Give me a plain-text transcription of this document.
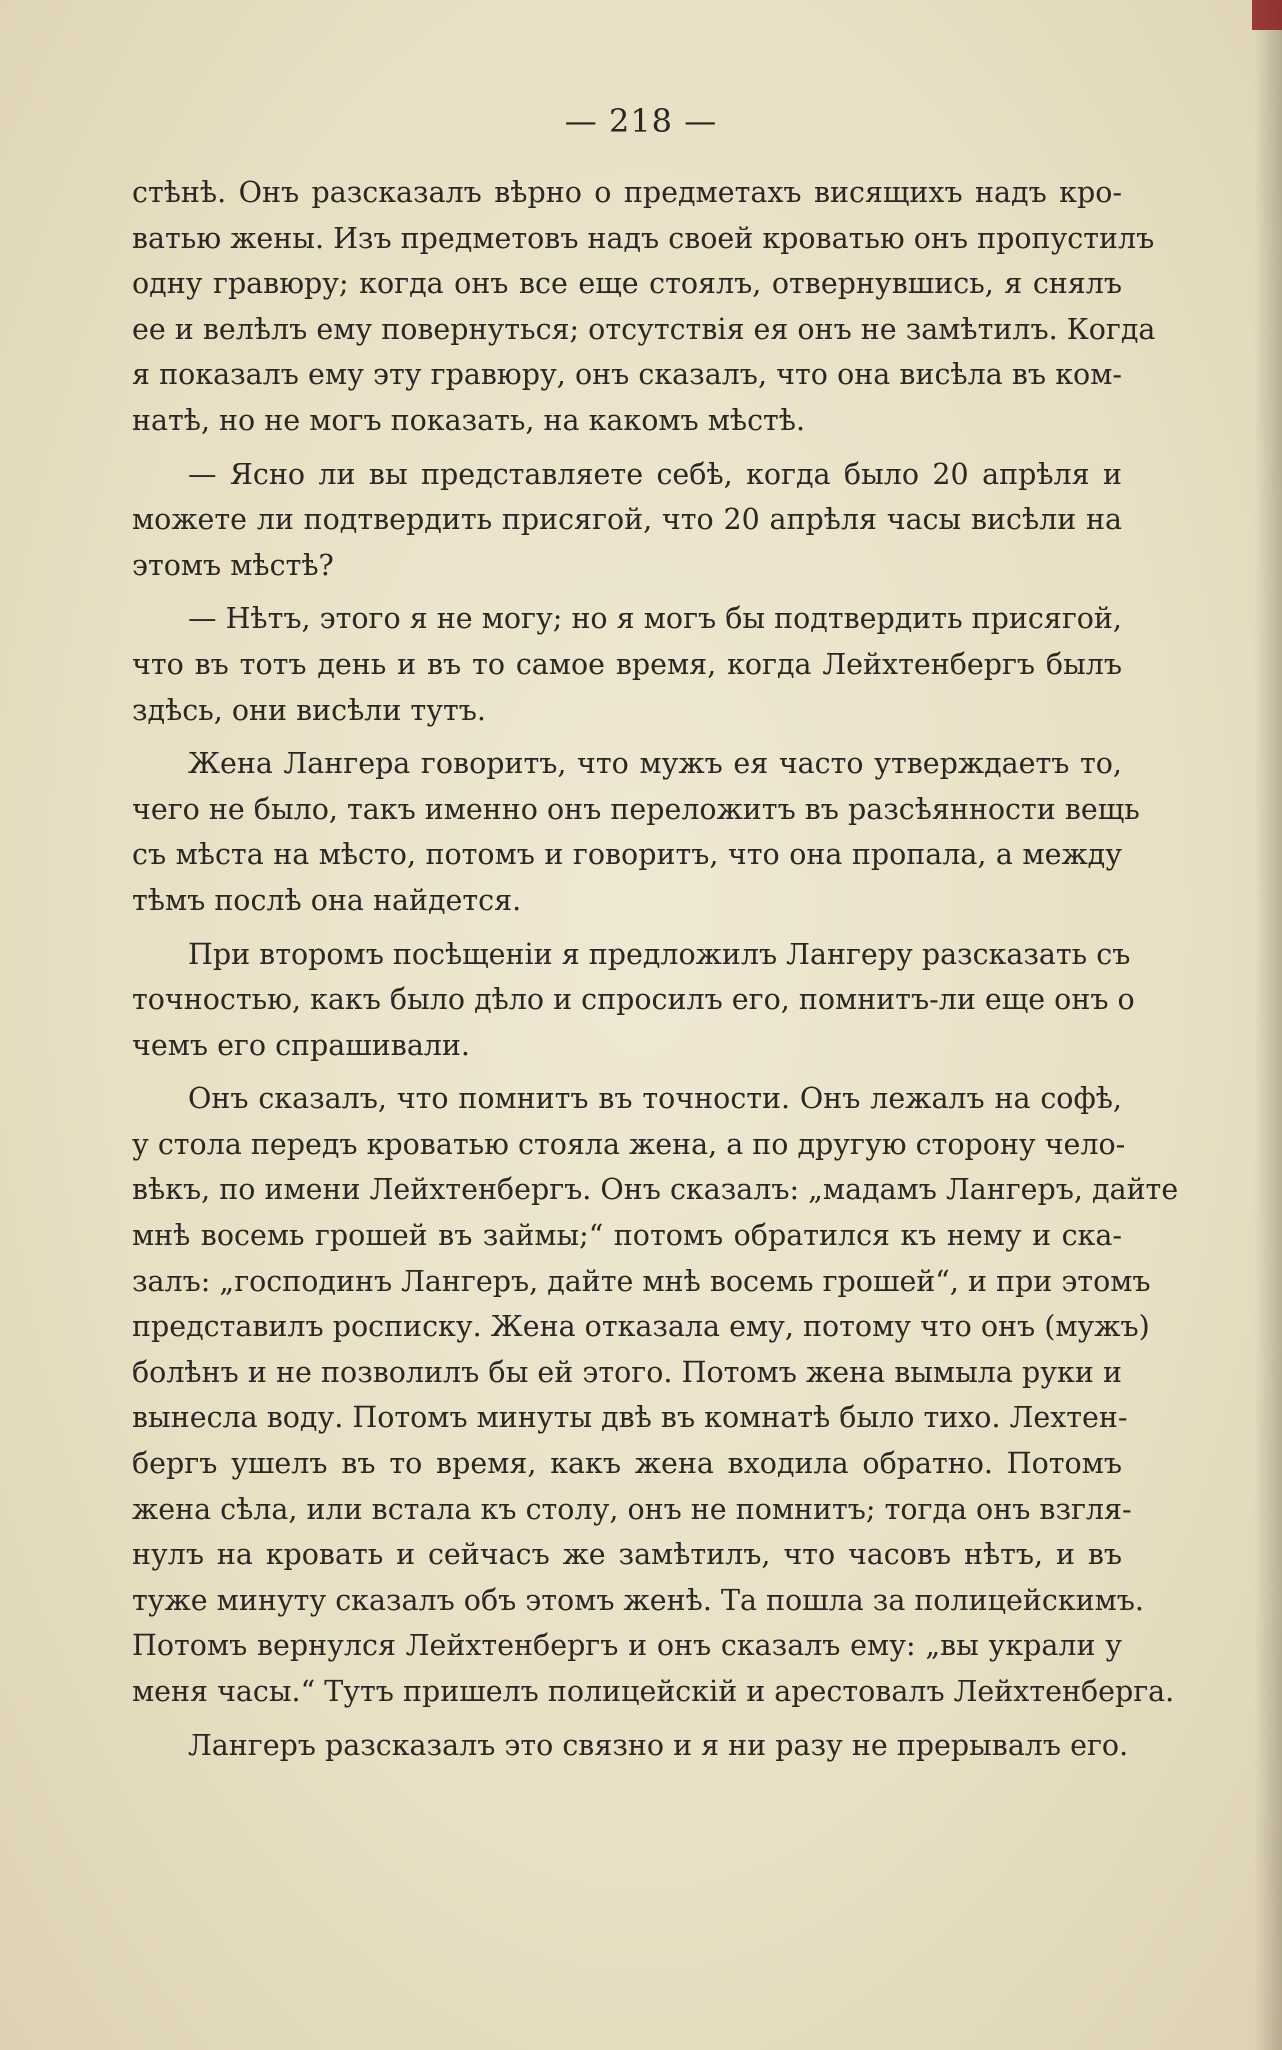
— 218 —
стѣнѣ. Онъ разсказалъ вѣрно о предметахъ висящихъ надъ кро-
ватью жены. Изъ предметовъ надъ своей кроватью онъ пропустилъ
одну гравюру; когда онъ все еще стоялъ, отвернувшись, я снялъ
ее и велѣлъ ему повернуться; отсутствія ея онъ не замѣтилъ. Когда
я показалъ ему эту гравюру, онъ сказалъ, что она висѣла въ ком-
натѣ, но не могъ показать, на какомъ мѣстѣ.
— Ясно ли вы представляете себѣ, когда было 20 апрѣля и
можете ли подтвердить присягой, что 20 апрѣля часы висѣли на
этомъ мѣстѣ?
— Нѣтъ, этого я не могу; но я могъ бы подтвердить присягой,
что въ тотъ день и въ то самое время, когда Лейхтенбергъ былъ
здѣсь, они висѣли тутъ.
Жена Лангера говоритъ, что мужъ ея часто утверждаетъ то,
чего не было, такъ именно онъ переложитъ въ разсѣянности вещь
съ мѣста на мѣсто, потомъ и говоритъ, что она пропала, а между
тѣмъ послѣ она найдется.
При второмъ посѣщеніи я предложилъ Лангеру разсказать съ
точностью, какъ было дѣло и спросилъ его, помнитъ-ли еще онъ о
чемъ его спрашивали.
Онъ сказалъ, что помнитъ въ точности. Онъ лежалъ на софѣ,
у стола передъ кроватью стояла жена, а по другую сторону чело-
вѣкъ, по имени Лейхтенбергъ. Онъ сказалъ: „мадамъ Лангеръ, дайте
мнѣ восемь грошей въ займы;“ потомъ обратился къ нему и ска-
залъ: „господинъ Лангеръ, дайте мнѣ восемь грошей“, и при этомъ
представилъ росписку. Жена отказала ему, потому что онъ (мужъ)
болѣнъ и не позволилъ бы ей этого. Потомъ жена вымыла руки и
вынесла воду. Потомъ минуты двѣ въ комнатѣ было тихо. Лехтен-
бергъ ушелъ въ то время, какъ жена входила обратно. Потомъ
жена сѣла, или встала къ столу, онъ не помнитъ; тогда онъ взгля-
нулъ на кровать и сейчасъ же замѣтилъ, что часовъ нѣтъ, и въ
туже минуту сказалъ объ этомъ женѣ. Та пошла за полицейскимъ.
Потомъ вернулся Лейхтенбергъ и онъ сказалъ ему: „вы украли у
меня часы.“ Тутъ пришелъ полицейскій и арестовалъ Лейхтенберга.
Лангеръ разсказалъ это связно и я ни разу не прерывалъ его.
